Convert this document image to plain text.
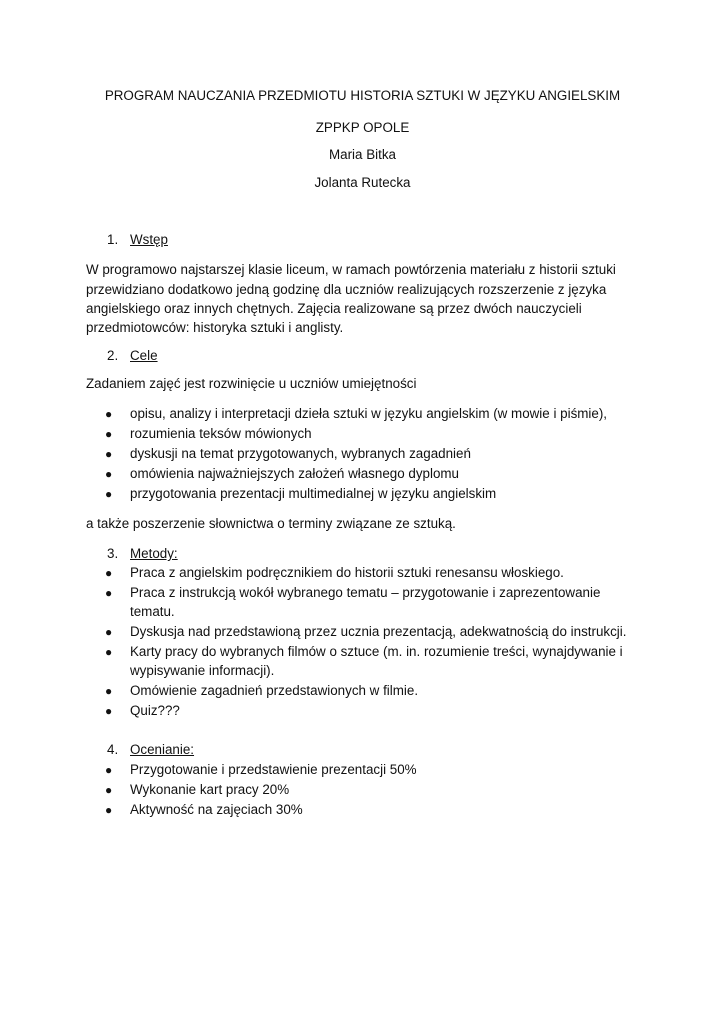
PROGRAM NAUCZANIA PRZEDMIOTU HISTORIA SZTUKI W JĘZYKU ANGIELSKIM
ZPPKP OPOLE
Maria Bitka
Jolanta Rutecka
1. Wstęp
W programowo najstarszej klasie liceum, w ramach powtórzenia materiału z historii sztuki
przewidziano dodatkowo jedną godzinę dla uczniów realizujących rozszerzenie z języka
angielskiego oraz innych chętnych. Zajęcia realizowane są przez dwóch nauczycieli
przedmiotowców: historyka sztuki i anglisty.
2. Cele
Zadaniem zajęć jest rozwinięcie u uczniów umiejętności
● opisu, analizy i interpretacji dzieła sztuki w języku angielskim (w mowie i piśmie),
● rozumienia teksów mówionych
● dyskusji na temat przygotowanych, wybranych zagadnień
● omówienia najważniejszych założeń własnego dyplomu
● przygotowania prezentacji multimedialnej w języku angielskim
a także poszerzenie słownictwa o terminy związane ze sztuką.
3. Metody:
● Praca z angielskim podręcznikiem do historii sztuki renesansu włoskiego.
● Praca z instrukcją wokół wybranego tematu – przygotowanie i zaprezentowanie
tematu.
● Dyskusja nad przedstawioną przez ucznia prezentacją, adekwatnością do instrukcji.
● Karty pracy do wybranych filmów o sztuce (m. in. rozumienie treści, wynajdywanie i
wypisywanie informacji).
● Omówienie zagadnień przedstawionych w filmie.
● Quiz???
4. Ocenianie:
● Przygotowanie i przedstawienie prezentacji 50%
● Wykonanie kart pracy 20%
● Aktywność na zajęciach 30%
